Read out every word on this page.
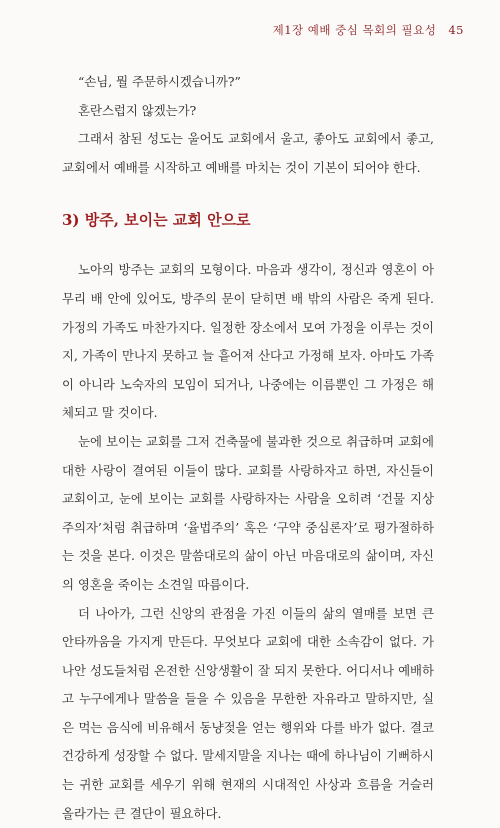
제1장 예배 중심 목회의 필요성 45

“손님, 뭘 주문하시겠습니까?”

혼란스럽지 않겠는가?

그래서 참된 성도는 울어도 교회에서 울고, 좋아도 교회에서 좋고, 교회에서 예배를 시작하고 예배를 마치는 것이 기본이 되어야 한다.

3) 방주, 보이는 교회 안으로

노아의 방주는 교회의 모형이다. 마음과 생각이, 정신과 영혼이 아무리 배 안에 있어도, 방주의 문이 닫히면 배 밖의 사람은 죽게 된다. 가정의 가족도 마찬가지다. 일정한 장소에서 모여 가정을 이루는 것이지, 가족이 만나지 못하고 늘 흩어져 산다고 가정해 보자. 아마도 가족이 아니라 노숙자의 모임이 되거나, 나중에는 이름뿐인 그 가정은 해체되고 말 것이다.

눈에 보이는 교회를 그저 건축물에 불과한 것으로 취급하며 교회에 대한 사랑이 결여된 이들이 많다. 교회를 사랑하자고 하면, 자신들이 교회이고, 눈에 보이는 교회를 사랑하자는 사람을 오히려 ‘건물 지상주의자’처럼 취급하며 ‘율법주의’ 혹은 ‘구약 중심론자’로 평가절하하는 것을 본다. 이것은 말씀대로의 삶이 아닌 마음대로의 삶이며, 자신의 영혼을 죽이는 소견일 따름이다.

더 나아가, 그런 신앙의 관점을 가진 이들의 삶의 열매를 보면 큰 안타까움을 가지게 만든다. 무엇보다 교회에 대한 소속감이 없다. 가나안 성도들처럼 온전한 신앙생활이 잘 되지 못한다. 어디서나 예배하고 누구에게나 말씀을 들을 수 있음을 무한한 자유라고 말하지만, 실은 먹는 음식에 비유해서 동냥젖을 얻는 행위와 다를 바가 없다. 결코 건강하게 성장할 수 없다. 말세지말을 지나는 때에 하나님이 기뻐하시는 귀한 교회를 세우기 위해 현재의 시대적인 사상과 흐름을 거슬러 올라가는 큰 결단이 필요하다.
